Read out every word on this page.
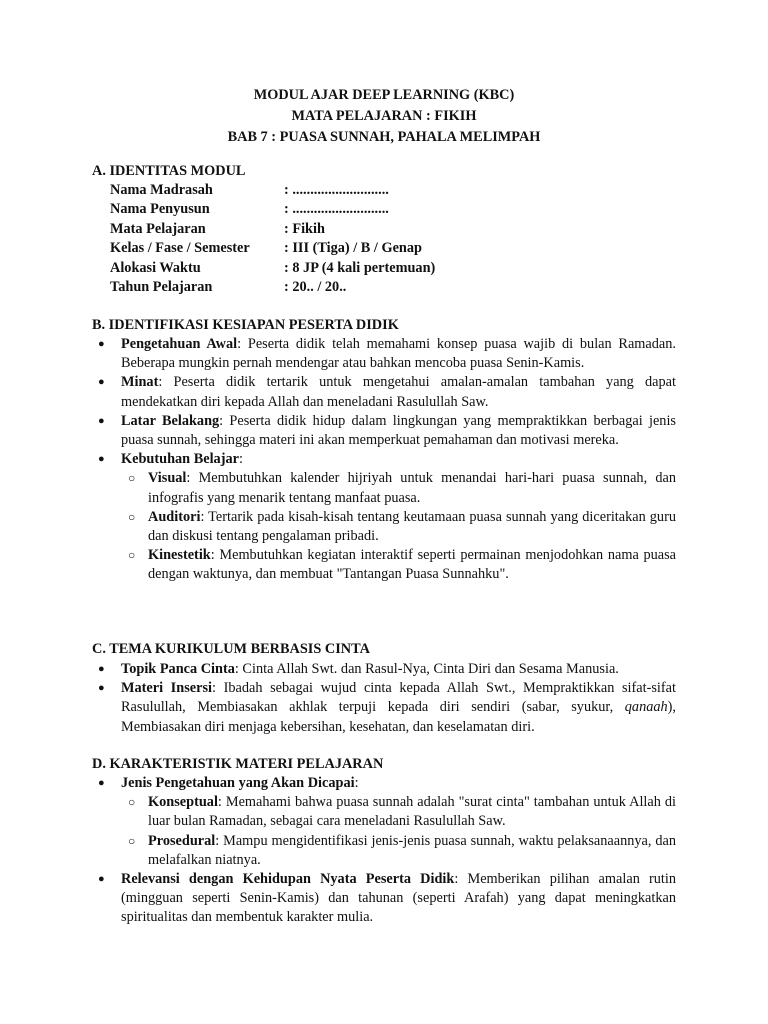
MODUL AJAR DEEP LEARNING (KBC)
MATA PELAJARAN : FIKIH
BAB 7 : PUASA SUNNAH, PAHALA MELIMPAH
A. IDENTITAS MODUL
Nama Madrasah	: ...........................
Nama Penyusun	: ...........................
Mata Pelajaran	: Fikih
Kelas / Fase / Semester	: III (Tiga) / B / Genap
Alokasi Waktu	: 8 JP (4 kali pertemuan)
Tahun Pelajaran	: 20.. / 20..
B. IDENTIFIKASI KESIAPAN PESERTA DIDIK
● Pengetahuan Awal: Peserta didik telah memahami konsep puasa wajib di bulan Ramadan. Beberapa mungkin pernah mendengar atau bahkan mencoba puasa Senin-Kamis.
● Minat: Peserta didik tertarik untuk mengetahui amalan-amalan tambahan yang dapat mendekatkan diri kepada Allah dan meneladani Rasulullah Saw.
● Latar Belakang: Peserta didik hidup dalam lingkungan yang mempraktikkan berbagai jenis puasa sunnah, sehingga materi ini akan memperkuat pemahaman dan motivasi mereka.
● Kebutuhan Belajar:
○ Visual: Membutuhkan kalender hijriyah untuk menandai hari-hari puasa sunnah, dan infografis yang menarik tentang manfaat puasa.
○ Auditori: Tertarik pada kisah-kisah tentang keutamaan puasa sunnah yang diceritakan guru dan diskusi tentang pengalaman pribadi.
○ Kinestetik: Membutuhkan kegiatan interaktif seperti permainan menjodohkan nama puasa dengan waktunya, dan membuat "Tantangan Puasa Sunnahku".
C. TEMA KURIKULUM BERBASIS CINTA
● Topik Panca Cinta: Cinta Allah Swt. dan Rasul-Nya, Cinta Diri dan Sesama Manusia.
● Materi Insersi: Ibadah sebagai wujud cinta kepada Allah Swt., Mempraktikkan sifat-sifat Rasulullah, Membiasakan akhlak terpuji kepada diri sendiri (sabar, syukur, qanaah), Membiasakan diri menjaga kebersihan, kesehatan, dan keselamatan diri.
D. KARAKTERISTIK MATERI PELAJARAN
● Jenis Pengetahuan yang Akan Dicapai:
○ Konseptual: Memahami bahwa puasa sunnah adalah "surat cinta" tambahan untuk Allah di luar bulan Ramadan, sebagai cara meneladani Rasulullah Saw.
○ Prosedural: Mampu mengidentifikasi jenis-jenis puasa sunnah, waktu pelaksanaannya, dan melafalkan niatnya.
● Relevansi dengan Kehidupan Nyata Peserta Didik: Memberikan pilihan amalan rutin (mingguan seperti Senin-Kamis) dan tahunan (seperti Arafah) yang dapat meningkatkan spiritualitas dan membentuk karakter mulia.
